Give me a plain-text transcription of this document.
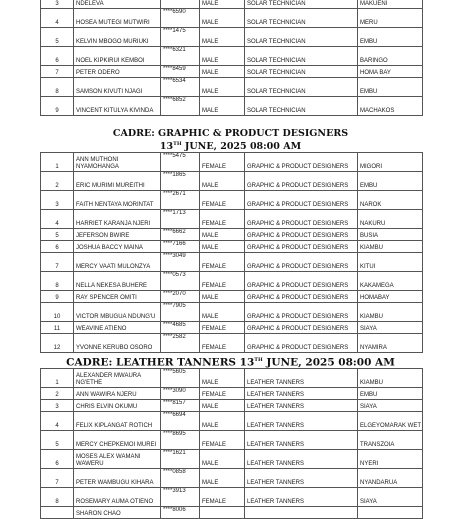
3	NDELEVA		MALE	SOLAR TECHNICIAN	MAKUENI
4	HOSEA MUTEGI MUTWIRI	****6590	MALE	SOLAR TECHNICIAN	MERU
5	KELVIN MBOGO MURIUKI	****1475	MALE	SOLAR TECHNICIAN	EMBU
6	NOEL KIPKIRUI KEMBOI	****6321	MALE	SOLAR TECHNICIAN	BARINGO
7	PETER ODERO	****8459	MALE	SOLAR TECHNICIAN	HOMA BAY
8	SAMSON KIVUTI NJAGI	****6534	MALE	SOLAR TECHNICIAN	EMBU
9	VINCENT KITULYA KIVINDA	****6852	MALE	SOLAR TECHNICIAN	MACHAKOS
CADRE: GRAPHIC & PRODUCT DESIGNERS
13TH JUNE, 2025 08:00 AM
1	ANN MUTHONI NYAMOHANGA	****5475	FEMALE	GRAPHIC & PRODUCT DESIGNERS	MIGORI
2	ERIC MURIMI MUREITHI	****1865	MALE	GRAPHIC & PRODUCT DESIGNERS	EMBU
3	FAITH NENTAYA MORINTAT	****2671	FEMALE	GRAPHIC & PRODUCT DESIGNERS	NAROK
4	HARRIET KARANJA NJERI	****1713	FEMALE	GRAPHIC & PRODUCT DESIGNERS	NAKURU
5	JEFERSON BWIRE	****6662	MALE	GRAPHIC & PRODUCT DESIGNERS	BUSIA
6	JOSHUA BACCY MAINA	****7166	MALE	GRAPHIC & PRODUCT DESIGNERS	KIAMBU
7	MERCY VAATI MULONZYA	****3049	FEMALE	GRAPHIC & PRODUCT DESIGNERS	KITUI
8	NELLA NEKESA BUHERE	****0573	FEMALE	GRAPHIC & PRODUCT DESIGNERS	KAKAMEGA
9	RAY SPENCER OMITI	****2070	MALE	GRAPHIC & PRODUCT DESIGNERS	HOMABAY
10	VICTOR MBUGUA NDUNG'U	****7905	MALE	GRAPHIC & PRODUCT DESIGNERS	KIAMBU
11	WEAVINE ATIENO	****4685	FEMALE	GRAPHIC & PRODUCT DESIGNERS	SIAYA
12	YVONNE KERUBO OSORO	****2582	FEMALE	GRAPHIC & PRODUCT DESIGNERS	NYAMIRA
CADRE: LEATHER TANNERS 13TH JUNE, 2025 08:00 AM
1	ALEXANDER MWAURA NG'ETHE	****5605	MALE	LEATHER TANNERS	KIAMBU
2	ANN WAWIRA NJERU	****3090	FEMALE	LEATHER TANNERS	EMBU
3	CHRIS ELVIN OKUMU	****8157	MALE	LEATHER TANNERS	SIAYA
4	FELIX KIPLANGAT ROTICH	****6694	MALE	LEATHER TANNERS	ELGEYOMARAK WET
5	MERCY CHEPKEMOI MUREI	****8695	FEMALE	LEATHER TANNERS	TRANSZOIA
6	MOSES ALEX WAMANI WAWERU	****1621	MALE	LEATHER TANNERS	NYERI
7	PETER WAMBUGU KIHARA	****0858	MALE	LEATHER TANNERS	NYANDARUA
8	ROSEMARY AUMA OTIENO	****3913	FEMALE	LEATHER TANNERS	SIAYA
	SHARON CHAO	****8006			
